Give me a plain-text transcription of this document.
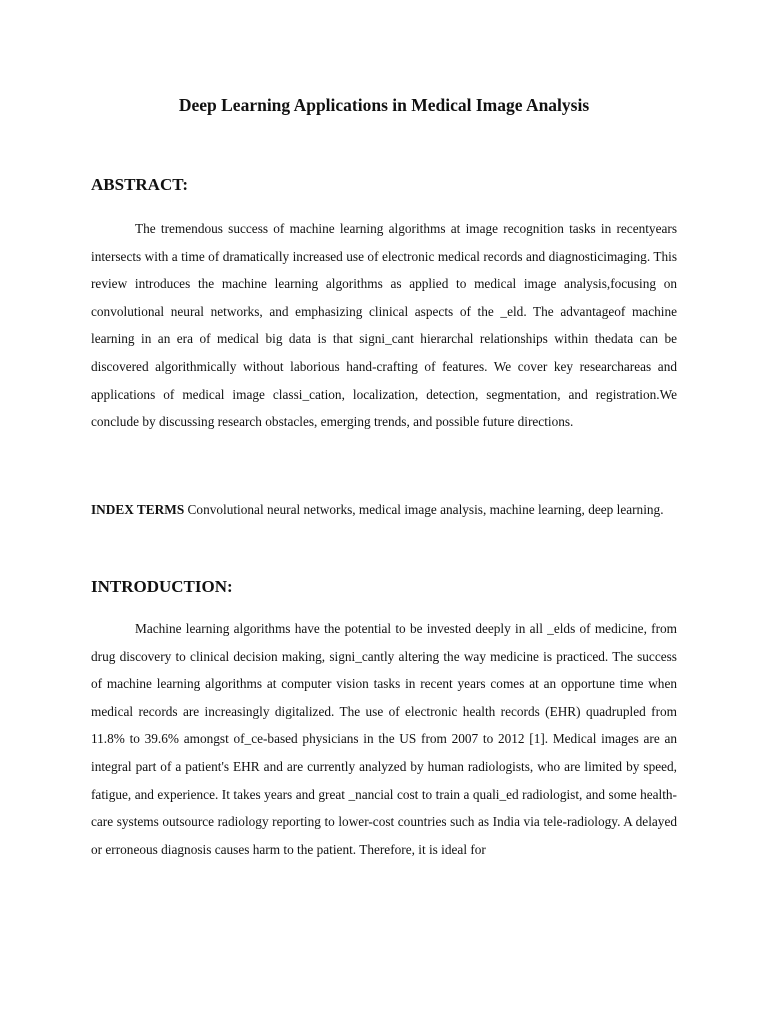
Deep Learning Applications in Medical Image Analysis
ABSTRACT:

The tremendous success of machine learning algorithms at image recognition tasks in recentyears intersects with a time of dramatically increased use of electronic medical records and diagnosticimaging. This review introduces the machine learning algorithms as applied to medical image analysis,focusing on convolutional neural networks, and emphasizing clinical aspects of the _eld. The advantageof machine learning in an era of medical big data is that signi_cant hierarchal relationships within thedata can be discovered algorithmically without laborious hand-crafting of features. We cover key researchareas and applications of medical image classi_cation, localization, detection, segmentation, and registration.We conclude by discussing research obstacles, emerging trends, and possible future directions.

INDEX TERMS Convolutional neural networks, medical image analysis, machine learning, deep learning.

INTRODUCTION:

Machine learning algorithms have the potential to be invested deeply in all _elds of medicine, from drug discovery to clinical decision making, signi_cantly altering the way medicine is practiced. The success of machine learning algorithms at computer vision tasks in recent years comes at an opportune time when medical records are increasingly digitalized. The use of electronic health records (EHR) quadrupled from 11.8% to 39.6% amongst of_ce-based physicians in the US from 2007 to 2012 [1]. Medical images are an integral part of a patient's EHR and are currently analyzed by human radiologists, who are limited by speed, fatigue, and experience. It takes years and great _nancial cost to train a quali_ed radiologist, and some health-care systems outsource radiology reporting to lower-cost countries such as India via tele-radiology. A delayed or erroneous diagnosis causes harm to the patient. Therefore, it is ideal for
